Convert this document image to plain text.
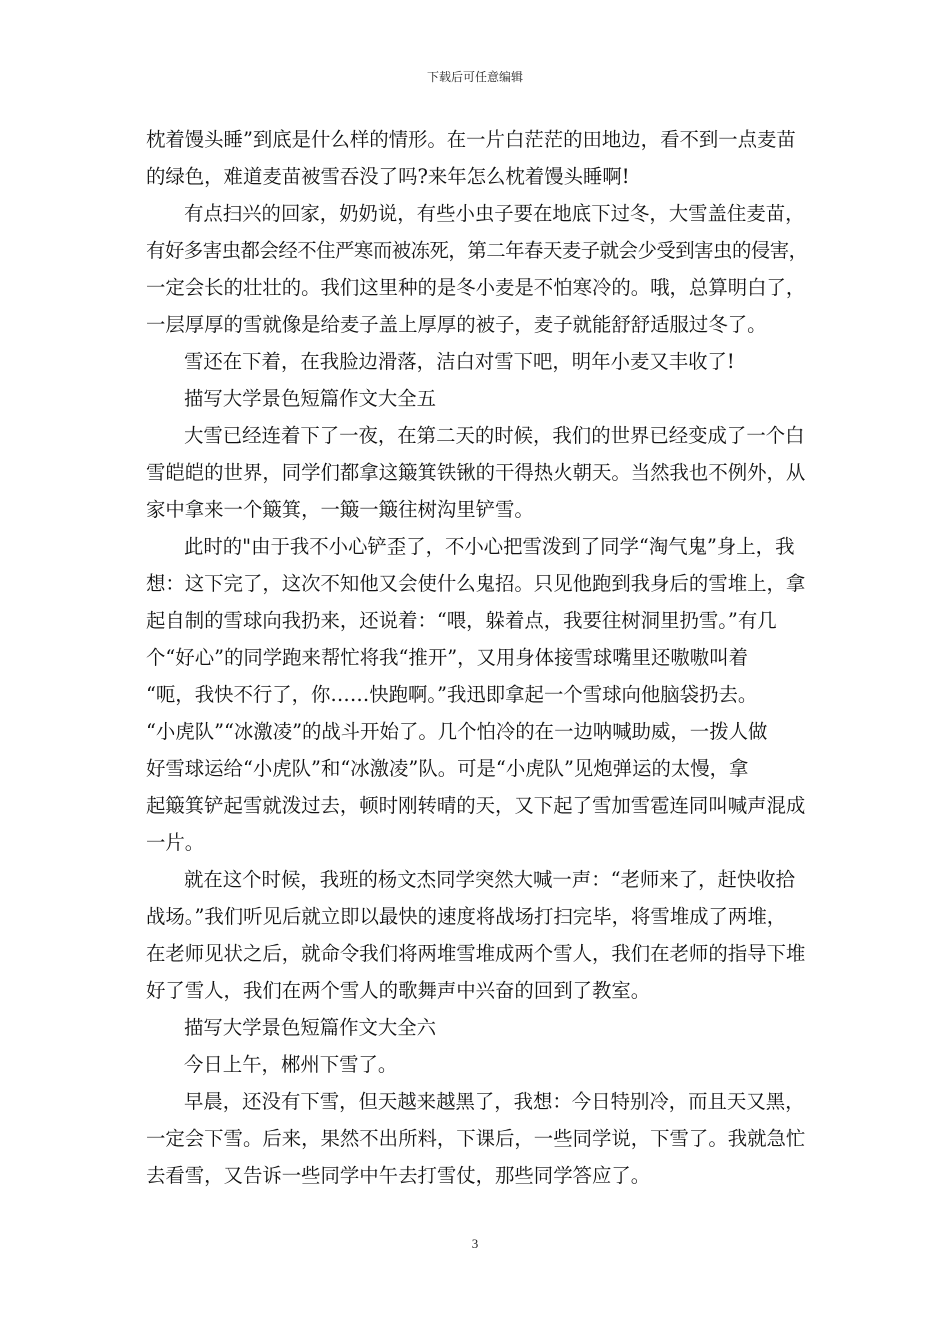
下载后可任意编辑
枕着馒头睡”到底是什么样的情形。在一片白茫茫的田地边，看不到一点麦苗
的绿色，难道麦苗被雪吞没了吗?来年怎么枕着馒头睡啊!
有点扫兴的回家，奶奶说，有些小虫子要在地底下过冬，大雪盖住麦苗，
有好多害虫都会经不住严寒而被冻死，第二年春天麦子就会少受到害虫的侵害，
一定会长的壮壮的。我们这里种的是冬小麦是不怕寒冷的。哦，总算明白了，
一层厚厚的雪就像是给麦子盖上厚厚的被子，麦子就能舒舒适服过冬了。
雪还在下着，在我脸边滑落，洁白对雪下吧，明年小麦又丰收了!
描写大学景色短篇作文大全五
大雪已经连着下了一夜，在第二天的时候，我们的世界已经变成了一个白
雪皑皑的世界，同学们都拿这簸箕铁锹的干得热火朝天。当然我也不例外，从
家中拿来一个簸箕，一簸一簸往树沟里铲雪。
此时的"由于我不小心铲歪了，不小心把雪泼到了同学“淘气鬼”身上，我
想：这下完了，这次不知他又会使什么鬼招。只见他跑到我身后的雪堆上，拿
起自制的雪球向我扔来，还说着：“喂，躲着点，我要往树洞里扔雪。”有几
个“好心”的同学跑来帮忙将我“推开”，又用身体接雪球嘴里还嗷嗷叫着
“呃，我快不行了，你……快跑啊。”我迅即拿起一个雪球向他脑袋扔去。
“小虎队”“冰激凌”的战斗开始了。几个怕冷的在一边呐喊助威，一拨人做
好雪球运给“小虎队”和“冰激凌”队。可是“小虎队”见炮弹运的太慢，拿
起簸箕铲起雪就泼过去，顿时刚转晴的天，又下起了雪加雪雹连同叫喊声混成
一片。
就在这个时候，我班的杨文杰同学突然大喊一声：“老师来了，赶快收拾
战场。”我们听见后就立即以最快的速度将战场打扫完毕，将雪堆成了两堆，
在老师见状之后，就命令我们将两堆雪堆成两个雪人，我们在老师的指导下堆
好了雪人，我们在两个雪人的歌舞声中兴奋的回到了教室。
描写大学景色短篇作文大全六
今日上午，郴州下雪了。
早晨，还没有下雪，但天越来越黑了，我想：今日特别冷，而且天又黑，
一定会下雪。后来，果然不出所料，下课后，一些同学说，下雪了。我就急忙
去看雪，又告诉一些同学中午去打雪仗，那些同学答应了。
3
